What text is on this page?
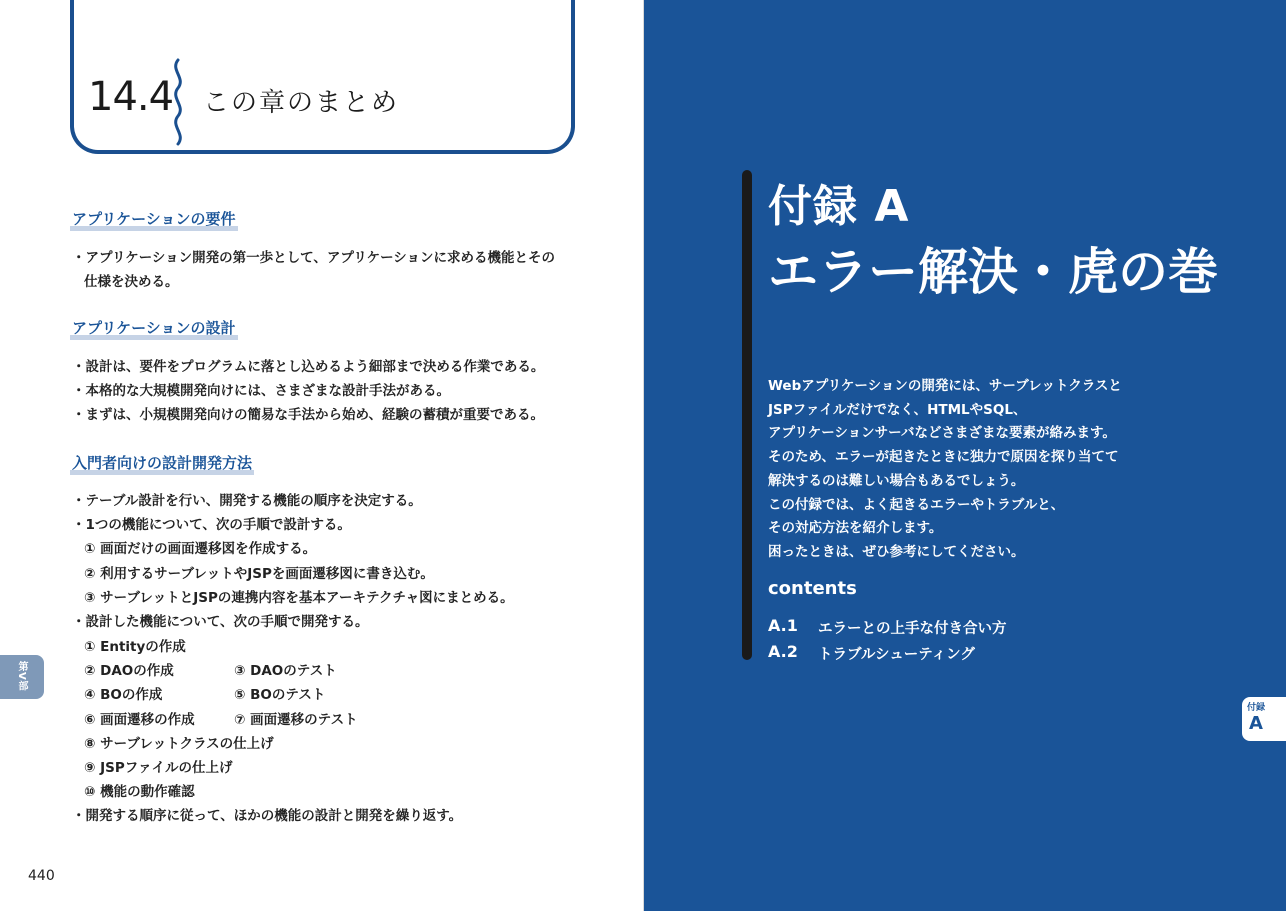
14.4 この章のまとめ
アプリケーションの要件
・アプリケーション開発の第一歩として、アプリケーションに求める機能とその
仕様を決める。
アプリケーションの設計
・設計は、要件をプログラムに落とし込めるよう細部まで決める作業である。
・本格的な大規模開発向けには、さまざまな設計手法がある。
・まずは、小規模開発向けの簡易な手法から始め、経験の蓄積が重要である。
入門者向けの設計開発方法
・テーブル設計を行い、開発する機能の順序を決定する。
・1つの機能について、次の手順で設計する。
① 画面だけの画面遷移図を作成する。
② 利用するサーブレットやJSPを画面遷移図に書き込む。
③ サーブレットとJSPの連携内容を基本アーキテクチャ図にまとめる。
・設計した機能について、次の手順で開発する。
① Entityの作成
② DAOの作成	③ DAOのテスト
④ BOの作成	⑤ BOのテスト
⑥ 画面遷移の作成	⑦ 画面遷移のテスト
⑧ サーブレットクラスの仕上げ
⑨ JSPファイルの仕上げ
⑩ 機能の動作確認
・開発する順序に従って、ほかの機能の設計と開発を繰り返す。
第V部
440
付録 A
エラー解決・虎の巻
Webアプリケーションの開発には、サーブレットクラスと
JSPファイルだけでなく、HTMLやSQL、
アプリケーションサーバなどさまざまな要素が絡みます。
そのため、エラーが起きたときに独力で原因を探り当てて
解決するのは難しい場合もあるでしょう。
この付録では、よく起きるエラーやトラブルと、
その対応方法を紹介します。
困ったときは、ぜひ参考にしてください。
contents
A.1 エラーとの上手な付き合い方
A.2 トラブルシューティング
付録
A
